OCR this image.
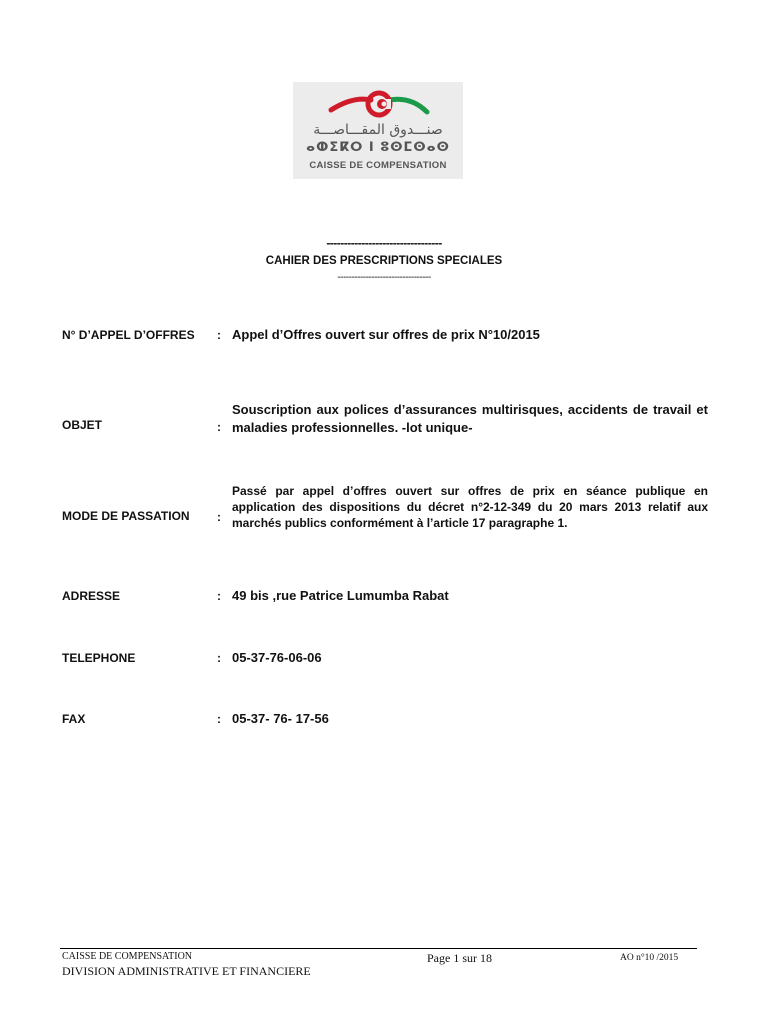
صنـــدوق المقـــاصـــة
ⴰⵀⵉⴽⵔ ⵏ ⵓⵙⵎⵙⴰⵙ
CAISSE DE COMPENSATION
---------------------------------
CAHIER DES PRESCRIPTIONS SPECIALES
---------------------------------
N° D’APPEL D’OFFRES : Appel d’Offres ouvert sur offres de prix N°10/2015
OBJET	:
Souscription aux polices d’assurances multirisques, accidents de travail et maladies professionnelles. -lot unique-
MODE DE PASSATION :
Passé par appel d’offres ouvert sur offres de prix en séance publique en application des dispositions du décret n°2-12-349 du 20 mars 2013 relatif aux marchés publics conformément à l’article 17 paragraphe 1.
ADRESSE	: 49 bis ,rue Patrice Lumumba Rabat
TELEPHONE	: 05-37-76-06-06
FAX	: 05-37- 76- 17-56
CAISSE DE COMPENSATION
DIVISION ADMINISTRATIVE ET FINANCIERE
Page 1 sur 18	AO n°10 /2015
